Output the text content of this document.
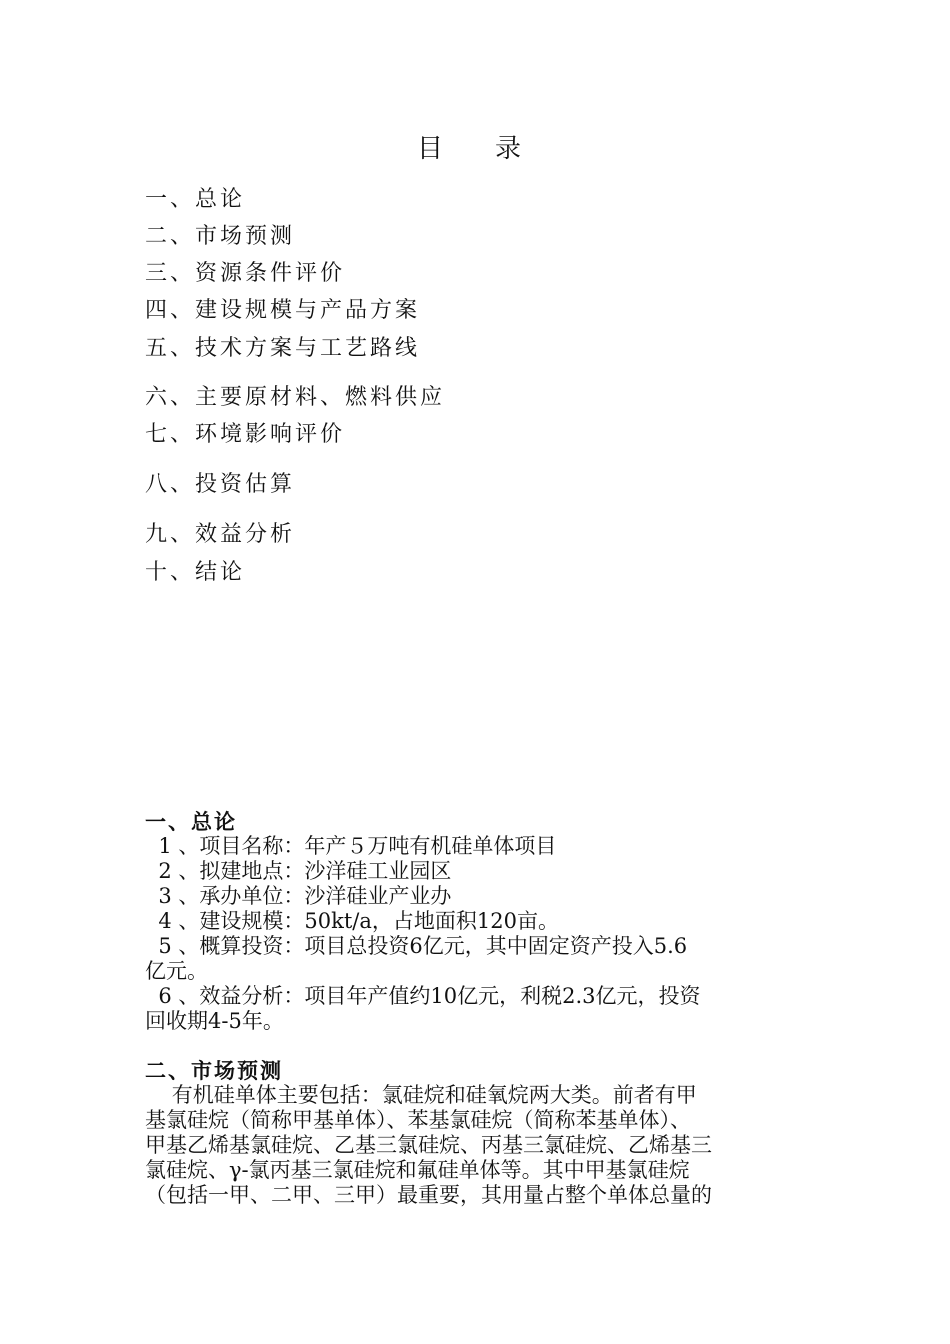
目录
一、总论
二、市场预测
三、资源条件评价
四、建设规模与产品方案
五、技术方案与工艺路线
六、主要原材料、燃料供应
七、环境影响评价
八、投资估算
九、效益分析
十、结论
一、总论
1 、项目名称：年产５万吨有机硅单体项目
2 、拟建地点：沙洋硅工业园区
3 、承办单位：沙洋硅业产业办
4 、建设规模：50kt/a，占地面积120亩。
5 、概算投资：项目总投资6亿元，其中固定资产投入5.6
亿元。
6 、效益分析：项目年产值约10亿元，利税2.3亿元，投资
回收期4-5年。
二、市场预测
有机硅单体主要包括：氯硅烷和硅氧烷两大类。前者有甲
基氯硅烷（简称甲基单体）、苯基氯硅烷（简称苯基单体）、
甲基乙烯基氯硅烷、乙基三氯硅烷、丙基三氯硅烷、乙烯基三
氯硅烷、γ-氯丙基三氯硅烷和氟硅单体等。其中甲基氯硅烷
（包括一甲、二甲、三甲）最重要，其用量占整个单体总量的
